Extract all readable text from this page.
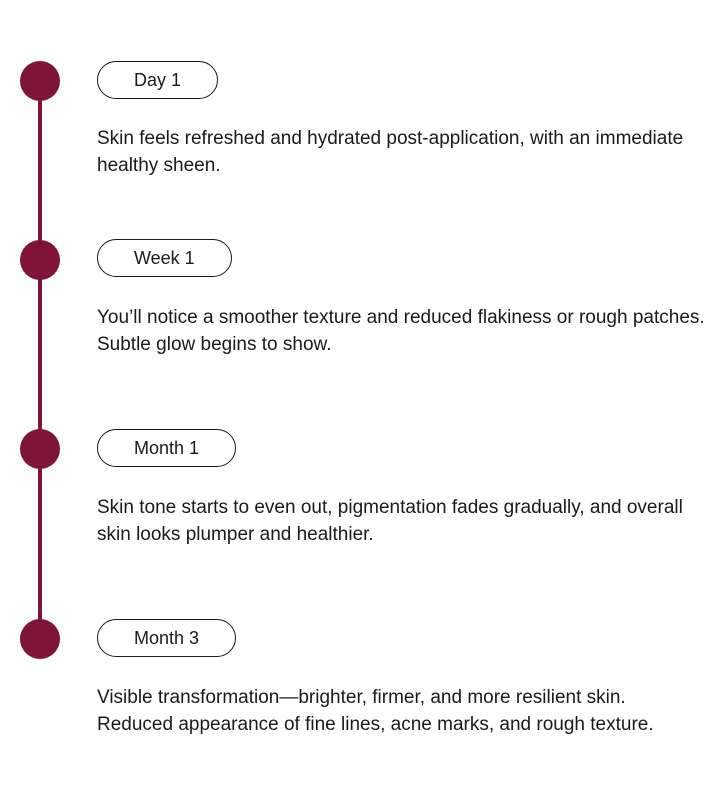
Day 1

Skin feels refreshed and hydrated post-application, with an immediate healthy sheen.

Week 1

You’ll notice a smoother texture and reduced flakiness or rough patches. Subtle glow begins to show.

Month 1

Skin tone starts to even out, pigmentation fades gradually, and overall skin looks plumper and healthier.

Month 3

Visible transformation—brighter, firmer, and more resilient skin. Reduced appearance of fine lines, acne marks, and rough texture.
